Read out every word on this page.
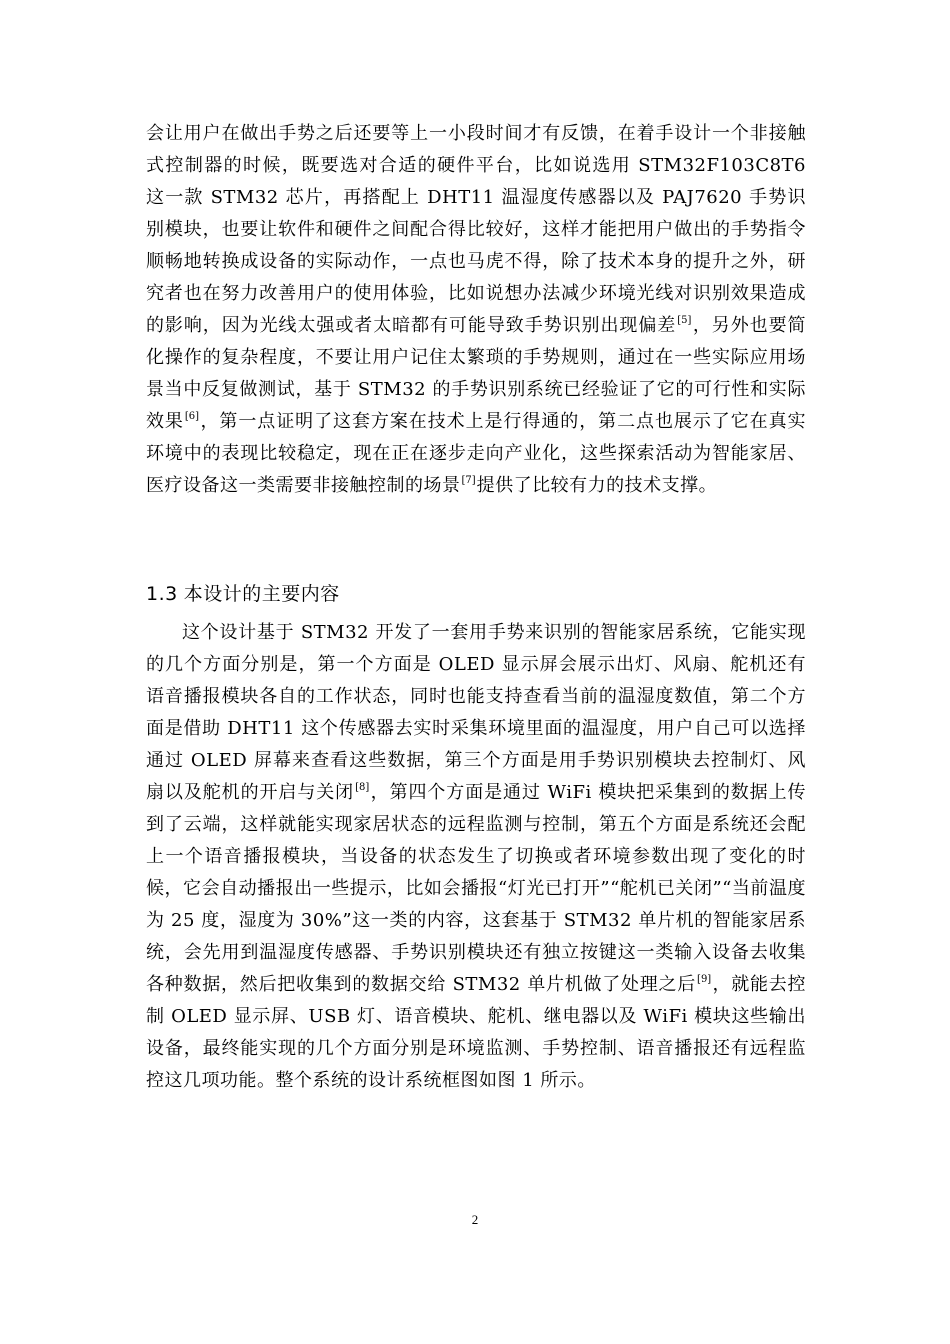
会让用户在做出手势之后还要等上一小段时间才有反馈，在着手设计一个非接触式控制器的时候，既要选对合适的硬件平台，比如说选用 STM32F103C8T6 这一款 STM32 芯片，再搭配上 DHT11 温湿度传感器以及 PAJ7620 手势识别模块，也要让软件和硬件之间配合得比较好，这样才能把用户做出的手势指令顺畅地转换成设备的实际动作，一点也马虎不得，除了技术本身的提升之外，研究者也在努力改善用户的使用体验，比如说想办法减少环境光线对识别效果造成的影响，因为光线太强或者太暗都有可能导致手势识别出现偏差[5]，另外也要简化操作的复杂程度，不要让用户记住太繁琐的手势规则，通过在一些实际应用场景当中反复做测试，基于 STM32 的手势识别系统已经验证了它的可行性和实际效果[6]，第一点证明了这套方案在技术上是行得通的，第二点也展示了它在真实环境中的表现比较稳定，现在正在逐步走向产业化，这些探索活动为智能家居、医疗设备这一类需要非接触控制的场景[7]提供了比较有力的技术支撑。

1.3 本设计的主要内容

这个设计基于 STM32 开发了一套用手势来识别的智能家居系统，它能实现的几个方面分别是，第一个方面是 OLED 显示屏会展示出灯、风扇、舵机还有语音播报模块各自的工作状态，同时也能支持查看当前的温湿度数值，第二个方面是借助 DHT11 这个传感器去实时采集环境里面的温湿度，用户自己可以选择通过 OLED 屏幕来查看这些数据，第三个方面是用手势识别模块去控制灯、风扇以及舵机的开启与关闭[8]，第四个方面是通过 WiFi 模块把采集到的数据上传到了云端，这样就能实现家居状态的远程监测与控制，第五个方面是系统还会配上一个语音播报模块，当设备的状态发生了切换或者环境参数出现了变化的时候，它会自动播报出一些提示，比如会播报“灯光已打开”“舵机已关闭”“当前温度为 25 度，湿度为 30%”这一类的内容，这套基于 STM32 单片机的智能家居系统，会先用到温湿度传感器、手势识别模块还有独立按键这一类输入设备去收集各种数据，然后把收集到的数据交给 STM32 单片机做了处理之后[9]，就能去控制 OLED 显示屏、USB 灯、语音模块、舵机、继电器以及 WiFi 模块这些输出设备，最终能实现的几个方面分别是环境监测、手势控制、语音播报还有远程监控这几项功能。整个系统的设计系统框图如图 1 所示。

2
